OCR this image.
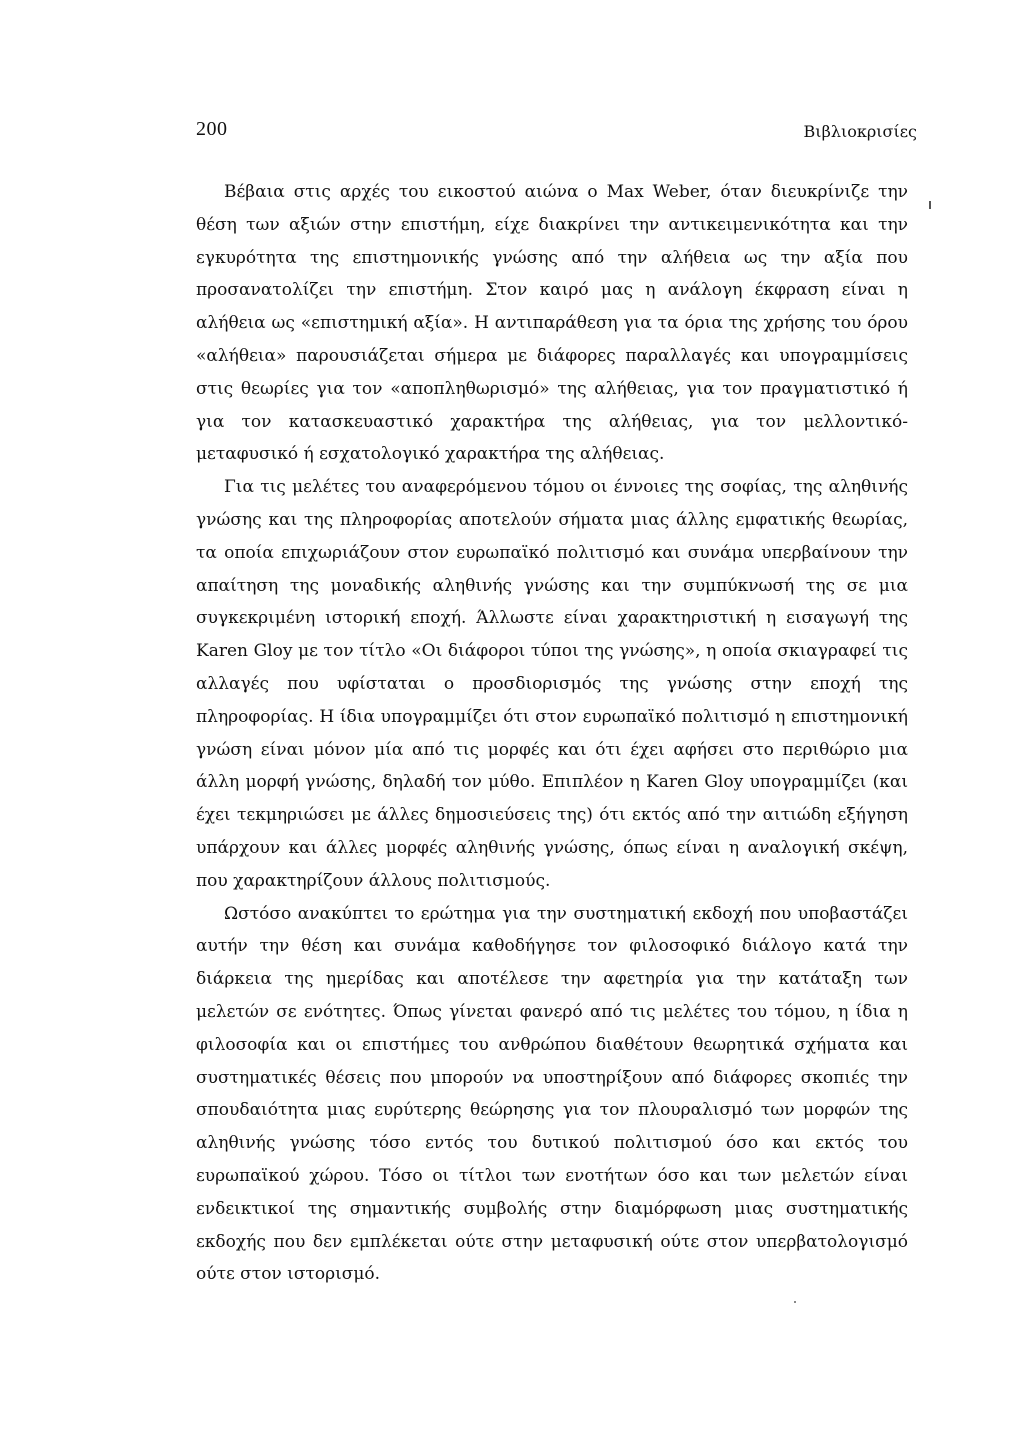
200	Βιβλιοκρισίες

Βέβαια στις αρχές του εικοστού αιώνα ο Max Weber, όταν διευκρίνιζε την θέση των αξιών στην επιστήμη, είχε διακρίνει την αντικειμενικότητα και την εγκυρότητα της επιστημονικής γνώσης από την αλήθεια ως την αξία που προσανατολίζει την επιστήμη. Στον καιρό μας η ανάλογη έκφραση είναι η αλήθεια ως «επιστημική αξία». Η αντιπαράθεση για τα όρια της χρήσης του όρου «αλήθεια» παρουσιάζεται σήμερα με διάφορες παραλλαγές και υπογραμμίσεις στις θεωρίες για τον «αποπληθωρισμό» της αλήθειας, για τον πραγματιστικό ή για τον κατασκευαστικό χαρακτήρα της αλήθειας, για τον μελλοντικό-μεταφυσικό ή εσχατολογικό χαρακτήρα της αλήθειας.

Για τις μελέτες του αναφερόμενου τόμου οι έννοιες της σοφίας, της αληθινής γνώσης και της πληροφορίας αποτελούν σήματα μιας άλλης εμφατικής θεωρίας, τα οποία επιχωριάζουν στον ευρωπαϊκό πολιτισμό και συνάμα υπερβαίνουν την απαίτηση της μοναδικής αληθινής γνώσης και την συμπύκνωσή της σε μια συγκεκριμένη ιστορική εποχή. Άλλωστε είναι χαρακτηριστική η εισαγωγή της Karen Gloy με τον τίτλο «Οι διάφοροι τύποι της γνώσης», η οποία σκιαγραφεί τις αλλαγές που υφίσταται ο προσδιορισμός της γνώσης στην εποχή της πληροφορίας. Η ίδια υπογραμμίζει ότι στον ευρωπαϊκό πολιτισμό η επιστημονική γνώση είναι μόνον μία από τις μορφές και ότι έχει αφήσει στο περιθώριο μια άλλη μορφή γνώσης, δηλαδή τον μύθο. Επιπλέον η Karen Gloy υπογραμμίζει (και έχει τεκμηριώσει με άλλες δημοσιεύσεις της) ότι εκτός από την αιτιώδη εξήγηση υπάρχουν και άλλες μορφές αληθινής γνώσης, όπως είναι η αναλογική σκέψη, που χαρακτηρίζουν άλλους πολιτισμούς.

Ωστόσο ανακύπτει το ερώτημα για την συστηματική εκδοχή που υποβαστάζει αυτήν την θέση και συνάμα καθοδήγησε τον φιλοσοφικό διάλογο κατά την διάρκεια της ημερίδας και αποτέλεσε την αφετηρία για την κατάταξη των μελετών σε ενότητες. Όπως γίνεται φανερό από τις μελέτες του τόμου, η ίδια η φιλοσοφία και οι επιστήμες του ανθρώπου διαθέτουν θεωρητικά σχήματα και συστηματικές θέσεις που μπορούν να υποστηρίξουν από διάφορες σκοπιές την σπουδαιότητα μιας ευρύτερης θεώρησης για τον πλουραλισμό των μορφών της αληθινής γνώσης τόσο εντός του δυτικού πολιτισμού όσο και εκτός του ευρωπαϊκού χώρου. Τόσο οι τίτλοι των ενοτήτων όσο και των μελετών είναι ενδεικτικοί της σημαντικής συμβολής στην διαμόρφωση μιας συστηματικής εκδοχής που δεν εμπλέκεται ούτε στην μεταφυσική ούτε στον υπερβατολογισμό ούτε στον ιστορισμό.
